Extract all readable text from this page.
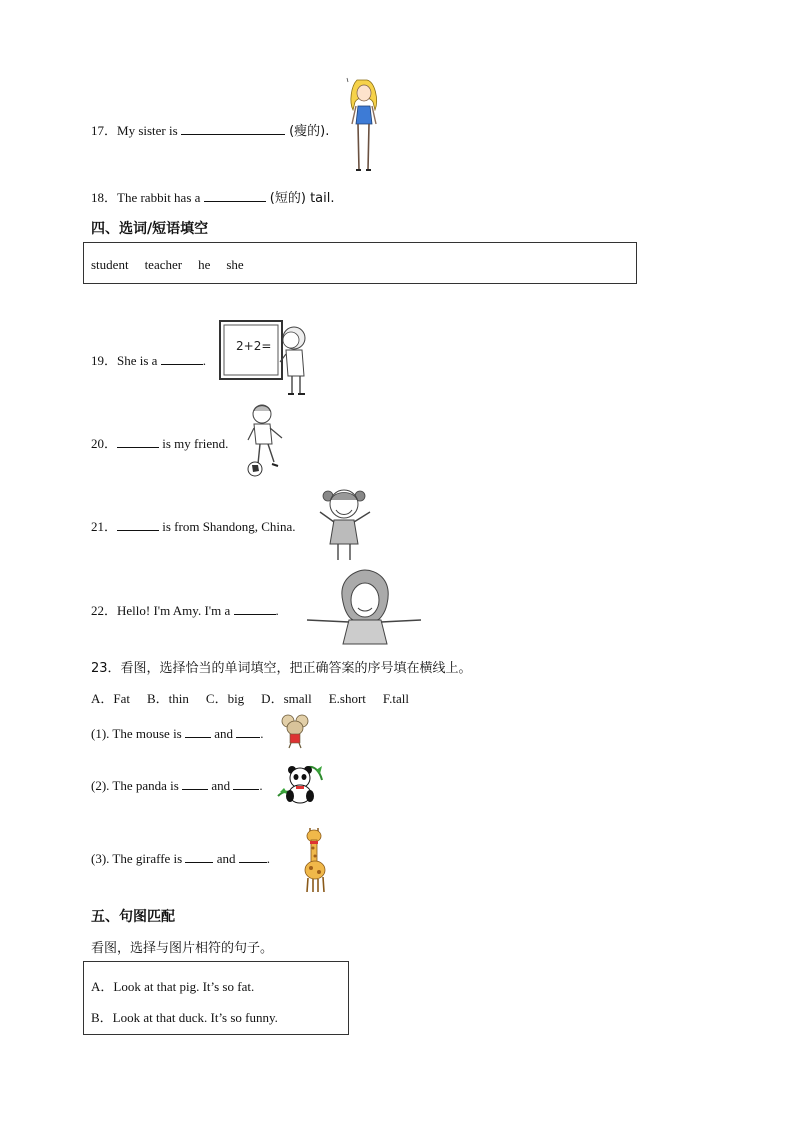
17．My sister is	(瘦的).
18．The rabbit has a	(短的) tail.
四、选词/短语填空
student teacher he she
19．She is a	.
2+2=
20．	is my friend.
21．	is from Shandong, China.
22．Hello! I'm Amy. I'm a	.
23．看图，选择恰当的单词填空，把正确答案的序号填在横线上。
A．Fat    B．thin    C．big    D．small    E.short    F.tall
(1). The mouse is  and .
(2). The panda is  and .
(3). The giraffe is  and .
五、句图匹配
看图，选择与图片相符的句子。
A．Look at that pig. It’s so fat.
B．Look at that duck. It’s so funny.
